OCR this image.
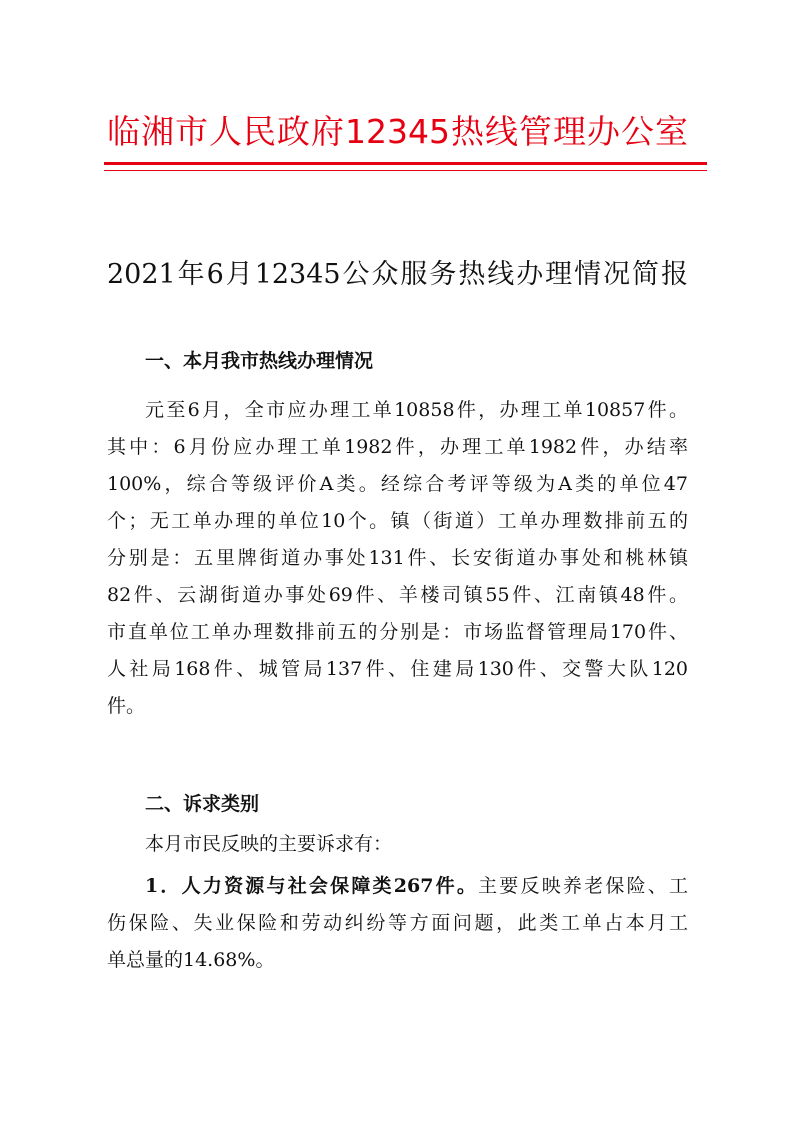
临湘市人民政府12345热线管理办公室
2021年6月12345公众服务热线办理情况简报
一、本月我市热线办理情况
元至6月，全市应办理工单10858件，办理工单10857件。
其中：6月份应办理工单1982件，办理工单1982件，办结率
100%，综合等级评价A类。经综合考评等级为A类的单位47
个；无工单办理的单位10个。镇（街道）工单办理数排前五的
分别是：五里牌街道办事处131件、长安街道办事处和桃林镇
82件、云湖街道办事处69件、羊楼司镇55件、江南镇48件。
市直单位工单办理数排前五的分别是：市场监督管理局170件、
人社局168件、城管局137件、住建局130件、交警大队120
件。
二、诉求类别
本月市民反映的主要诉求有：
1．人力资源与社会保障类267件。主要反映养老保险、工
伤保险、失业保险和劳动纠纷等方面问题，此类工单占本月工
单总量的14.68%。
